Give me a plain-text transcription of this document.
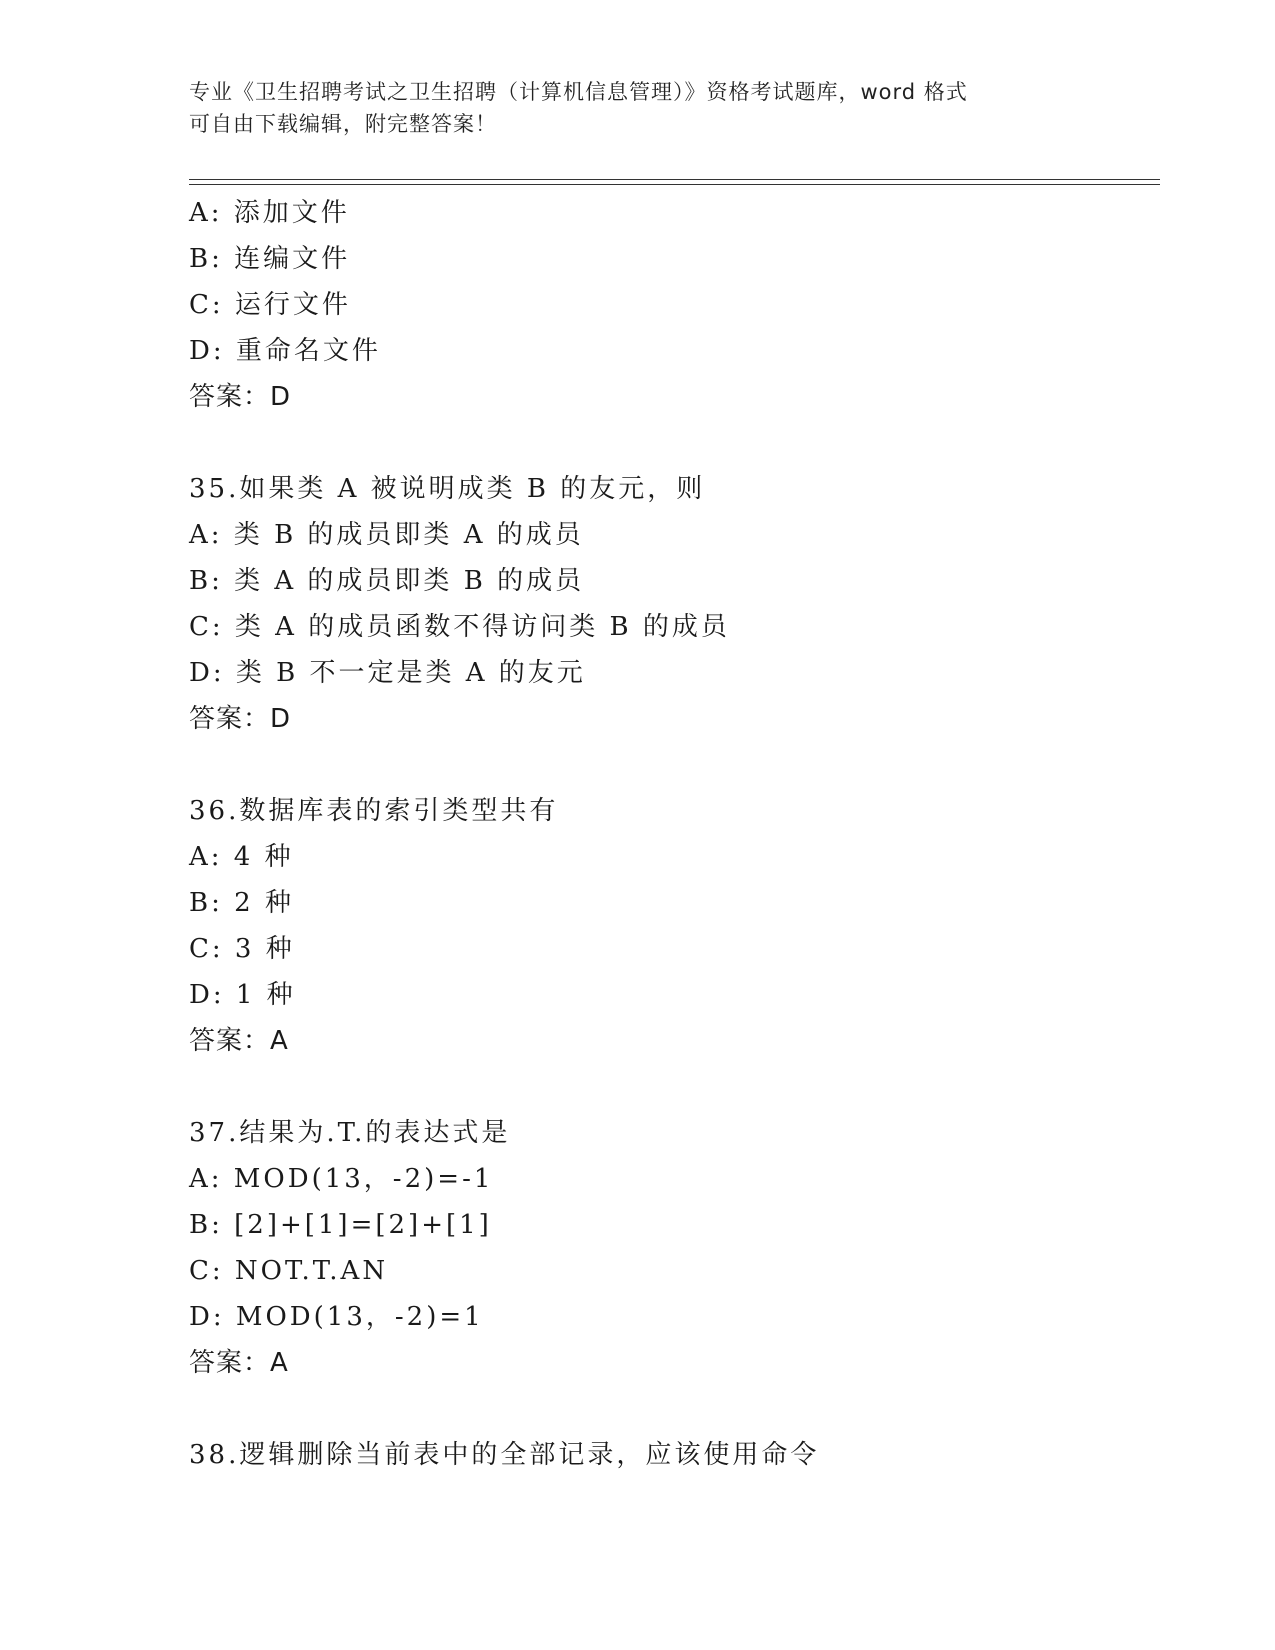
专业《卫生招聘考试之卫生招聘（计算机信息管理）》资格考试题库，word 格式
可自由下载编辑，附完整答案！
A: 添加文件
B: 连编文件
C: 运行文件
D: 重命名文件
答案：D
35.如果类 A 被说明成类 B 的友元，则
A: 类 B 的成员即类 A 的成员
B: 类 A 的成员即类 B 的成员
C: 类 A 的成员函数不得访问类 B 的成员
D: 类 B 不一定是类 A 的友元
答案：D
36.数据库表的索引类型共有
A: 4 种
B: 2 种
C: 3 种
D: 1 种
答案：A
37.结果为.T.的表达式是
A: MOD(13，-2)=-1
B: [2]+[1]=[2]+[1]
C: NOT.T.AN
D: MOD(13，-2)=1
答案：A
38.逻辑删除当前表中的全部记录，应该使用命令
